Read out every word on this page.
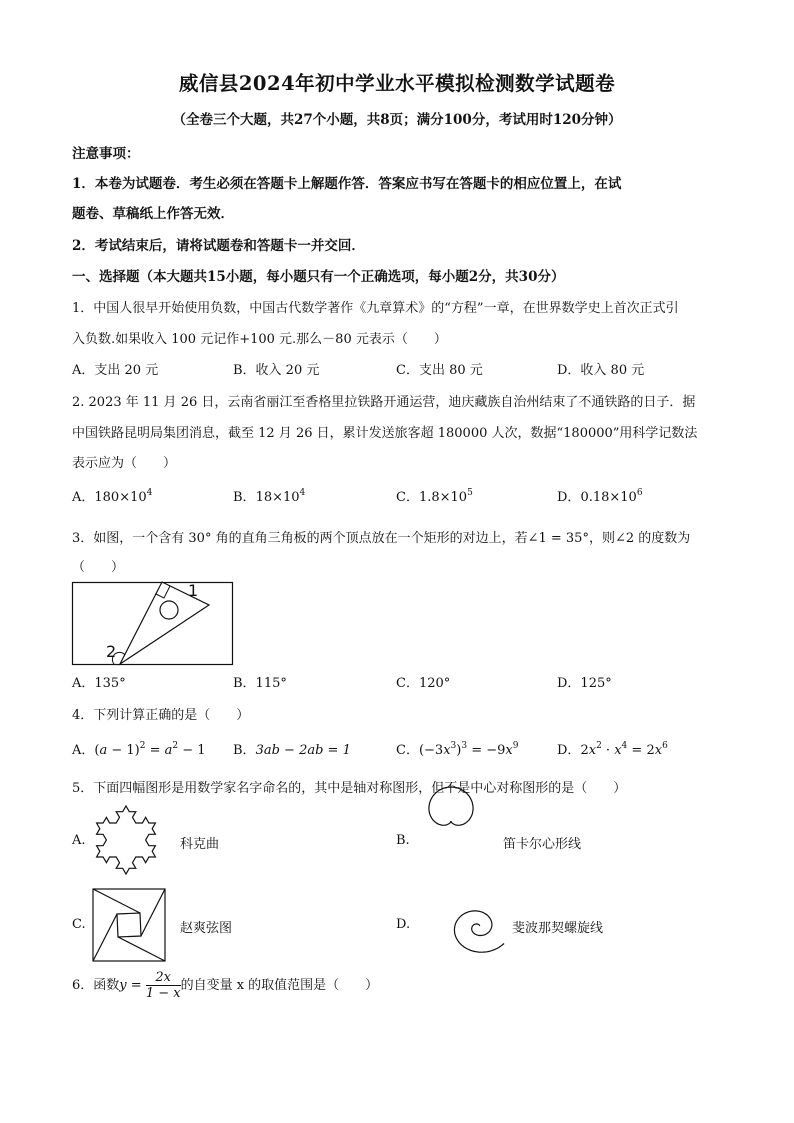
威信县2024年初中学业水平模拟检测数学试题卷
（全卷三个大题，共27个小题，共8页；满分100分，考试用时120分钟）
注意事项：
1．本卷为试题卷．考生必须在答题卡上解题作答．答案应书写在答题卡的相应位置上，在试
题卷、草稿纸上作答无效．
2．考试结束后，请将试题卷和答题卡一并交回．
一、选择题（本大题共15小题，每小题只有一个正确选项，每小题2分，共30分）
1．中国人很早开始使用负数，中国古代数学著作《九章算术》的“方程”一章，在世界数学史上首次正式引
入负数.如果收入 100 元记作+100 元.那么－80 元表示（　　）
A．支出 20 元	B．收入 20 元	C．支出 80 元	D．收入 80 元
2. 2023 年 11 月 26 日，云南省丽江至香格里拉铁路开通运营，迪庆藏族自治州结束了不通铁路的日子．据
中国铁路昆明局集团消息，截至 12 月 26 日，累计发送旅客超 180000 人次，数据“180000”用科学记数法
表示应为（　　）
A．$180\times 10^4$	B．$18\times 10^4$	C．$1.8\times 10^5$	D．$0.18\times 10^6$
3．如图，一个含有 30° 角的直角三角板的两个顶点放在一个矩形的对边上，若∠1 = 35°，则∠2 的度数为
（　　）
1
2
A．135°	B．115°	C．120°	D．125°
4．下列计算正确的是（　　）
A．$(a - 1)^2 = a^2 - 1$ B．3ab − 2ab = 1	C．$(-3x^3)^3 = -9x^9$	D．$2x^2 \cdot x^4 = 2x^6$
5．下面四幅图形是用数学家名字命名的，其中是轴对称图形，但不是中心对称图形的是（　　）
A.	科克曲	B.	笛卡尔心形线
C.	赵爽弦图	D.	斐波那契螺旋线
6．函数$y = \frac{2x}{1 - x}$ 的自变量 x 的取值范围是（　　）
